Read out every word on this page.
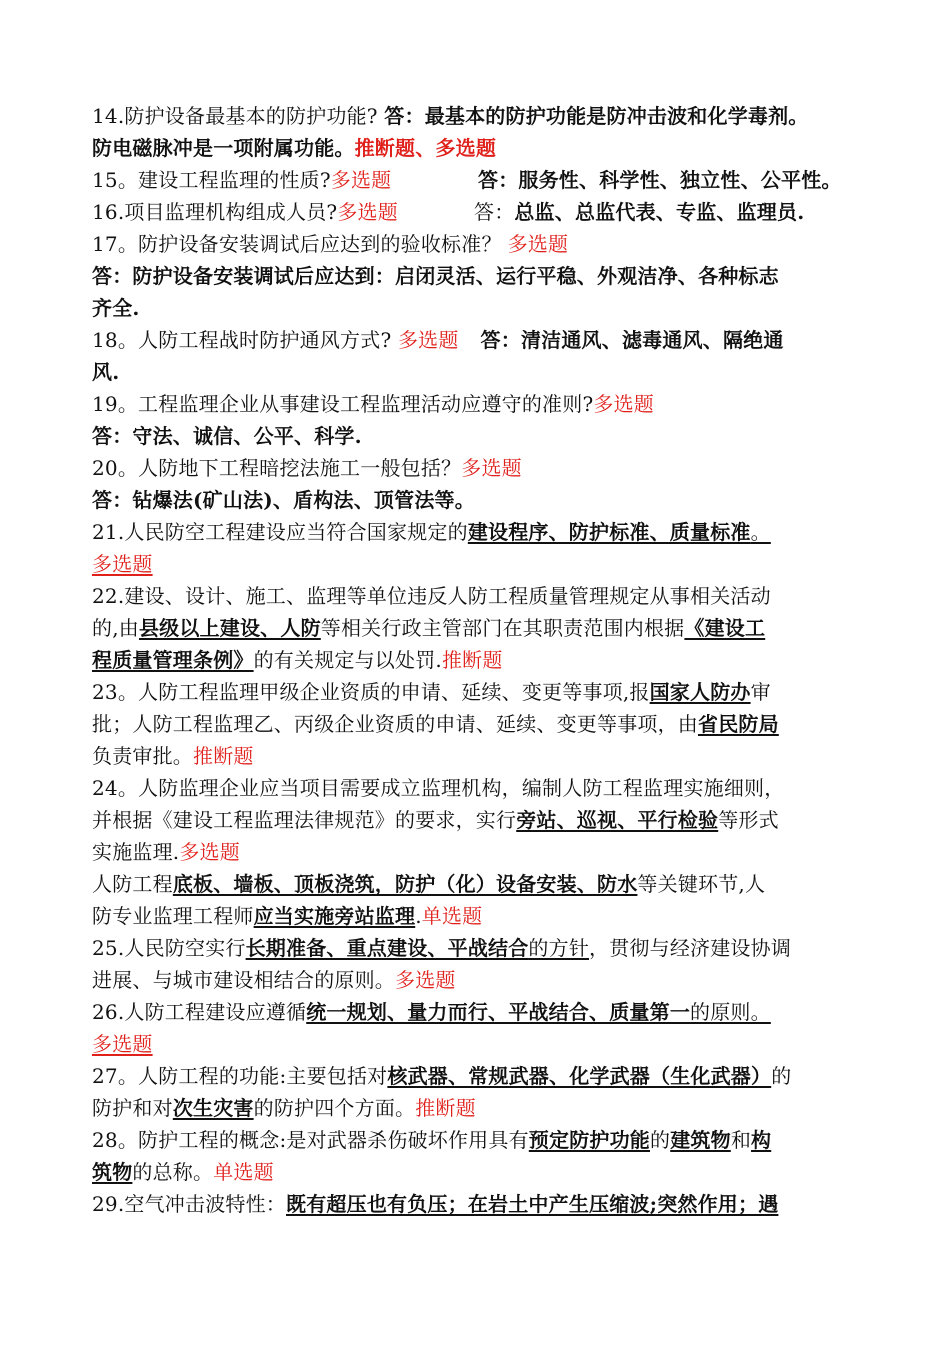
14.防护设备最基本的防护功能? 答：最基本的防护功能是防冲击波和化学毒剂。
防电磁脉冲是一项附属功能。推断题、多选题
15。建设工程监理的性质?多选题	答：服务性、科学性、独立性、公平性。
16.项目监理机构组成人员?多选题	答：总监、总监代表、专监、监理员.
17。防护设备安装调试后应达到的验收标准？ 多选题
答：防护设备安装调试后应达到：启闭灵活、运行平稳、外观洁净、各种标志
齐全.
18。人防工程战时防护通风方式? 多选题 答：清洁通风、滤毒通风、隔绝通
风.
19。工程监理企业从事建设工程监理活动应遵守的准则?多选题
答：守法、诚信、公平、科学.
20。人防地下工程暗挖法施工一般包括？多选题
答：钻爆法(矿山法)、盾构法、顶管法等。
21.人民防空工程建设应当符合国家规定的建设程序、防护标准、质量标准。
多选题
22.建设、设计、施工、监理等单位违反人防工程质量管理规定从事相关活动
的,由县级以上建设、人防等相关行政主管部门在其职责范围内根据《建设工
程质量管理条例》的有关规定与以处罚.推断题
23。人防工程监理甲级企业资质的申请、延续、变更等事项,报国家人防办审
批；人防工程监理乙、丙级企业资质的申请、延续、变更等事项，由省民防局
负责审批。推断题
24。人防监理企业应当项目需要成立监理机构，编制人防工程监理实施细则，
并根据《建设工程监理法律规范》的要求，实行旁站、巡视、平行检验等形式
实施监理.多选题
人防工程底板、墙板、顶板浇筑，防护（化）设备安装、防水等关键环节,人
防专业监理工程师应当实施旁站监理.单选题
25.人民防空实行长期准备、重点建设、平战结合的方针，贯彻与经济建设协调
进展、与城市建设相结合的原则。多选题
26.人防工程建设应遵循统一规划、量力而行、平战结合、质量第一的原则。
多选题
27。人防工程的功能:主要包括对核武器、常规武器、化学武器（生化武器）的
防护和对次生灾害的防护四个方面。推断题
28。防护工程的概念:是对武器杀伤破坏作用具有预定防护功能的建筑物和构
筑物的总称。单选题
29.空气冲击波特性：既有超压也有负压；在岩土中产生压缩波;突然作用；遇
